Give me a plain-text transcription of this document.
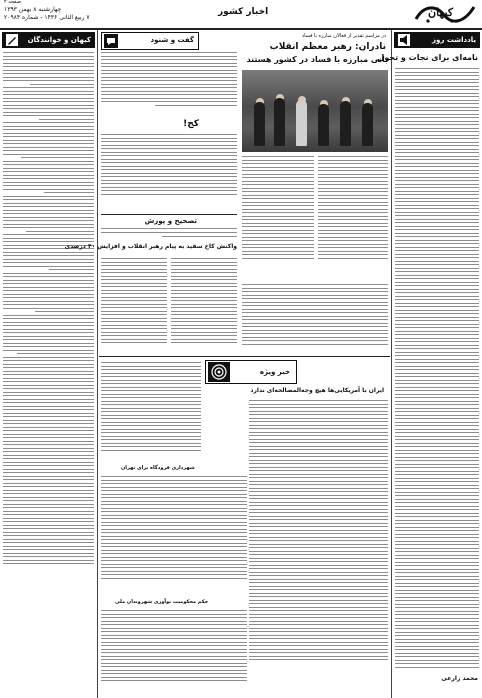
چهارشنبه ۸ بهمن ۱۳۹۳
۷ ربیع الثانی ۱۴۳۶ - شماره ۲۰۹۸۴
صفحه ۲
اخبار کشور	کیهان
کیهان و خوانندگان	یادداشت روز
نامه‌ای برای نجات و تحول
محمد زارعی
در مراسم تقدیر از فعالان مبارزه با فساد
نادران: رهبر معظم انقلاب
بانی مبارزه با فساد در کشور هستند
گفت و شنود
کج!
تصحیح و پوزش
واکنش کاخ سفید به پیام رهبر انقلاب و افزایش ۴۰ درصدی
خبر ویژه
ایران با آمریکایی‌ها هیچ وجه‌المصالحه‌ای ندارد
شهرداری فرودگاه برای تهران
حکم محکومیت نوآوری شهروندان ملی
